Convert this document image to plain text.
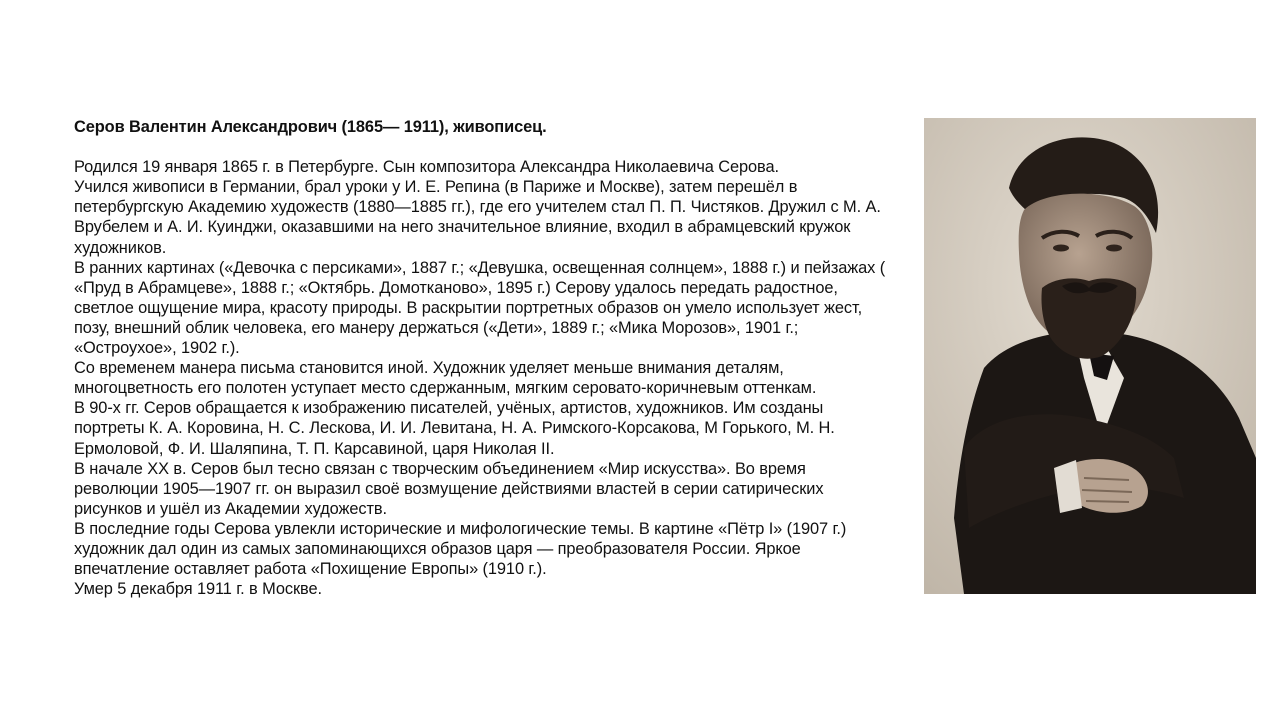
Серов Валентин Александрович (1865— 1911), живописец.

Родился 19 января 1865 г. в Петербурге. Сын композитора Александра Николаевича Серова.

Учился живописи в Германии, брал уроки у И. Е. Репина (в Париже и Москве), затем перешёл в петербургскую Академию художеств (1880—1885 гг.), где его учителем стал П. П. Чистяков. Дружил с М. А. Врубелем и А. И. Куинджи, оказавшими на него значительное влияние, входил в абрамцевский кружок художников.

В ранних картинах («Девочка с персиками», 1887 г.; «Девушка, освещенная солнцем», 1888 г.) и пейзажах ( «Пруд в Абрамцеве», 1888 г.; «Октябрь. Домотканово», 1895 г.) Серову удалось передать радостное, светлое ощущение мира, красоту природы. В раскрытии портретных образов он умело использует жест, позу, внешний облик человека, его манеру держаться («Дети», 1889 г.; «Мика Морозов», 1901 г.; «Остроухое», 1902 г.).

Со временем манера письма становится иной. Художник уделяет меньше внимания деталям, многоцветность его полотен уступает место сдержанным, мягким серовато-коричневым оттенкам.

В 90-х гг. Серов обращается к изображению писателей, учёных, артистов, художников. Им созданы портреты К. А. Коровина, Н. С. Лескова, И. И. Левитана, Н. А. Римского-Корсакова, М Горького, М. Н. Ермоловой, Ф. И. Шаляпина, Т. П. Карсавиной, царя Николая II.

В начале XX в. Серов был тесно связан с творческим объединением «Мир искусства». Во время революции 1905—1907 гг. он выразил своё возмущение действиями властей в серии сатирических рисунков и ушёл из Академии художеств.

В последние годы Серова увлекли исторические и мифологические темы. В картине «Пётр I» (1907 г.) художник дал один из самых запоминающихся образов царя — преобразователя России. Яркое впечатление оставляет работа «Похищение Европы» (1910 г.).

Умер 5 декабря 1911 г. в Москве.
